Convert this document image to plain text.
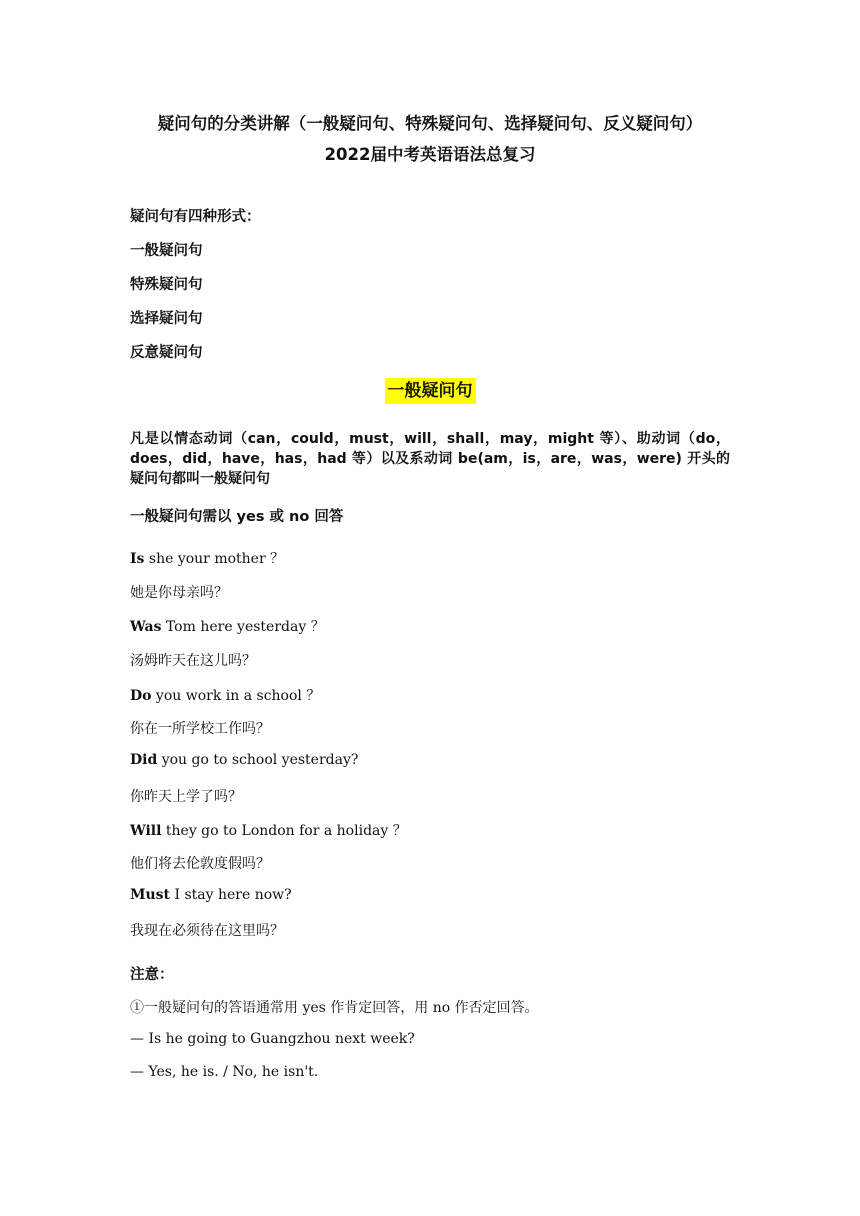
疑问句的分类讲解（一般疑问句、特殊疑问句、选择疑问句、反义疑问句）
2022届中考英语语法总复习
疑问句有四种形式：
一般疑问句
特殊疑问句
选择疑问句
反意疑问句
一般疑问句
凡是以情态动词（can，could，must，will，shall，may，might 等）、助动词（do，does，did，have，has，had 等）以及系动词 be(am，is，are，was，were) 开头的疑问句都叫一般疑问句
一般疑问句需以 yes 或 no 回答
Is she your mother ？
她是你母亲吗？
Was Tom here yesterday ？
汤姆昨天在这儿吗？
Do you work in a school ？
你在一所学校工作吗？
Did you go to school yesterday?
你昨天上学了吗？
Will they go to London for a holiday ？
他们将去伦敦度假吗？
Must I stay here now?
我现在必须待在这里吗？
注意：
①一般疑问句的答语通常用 yes 作肯定回答，用 no 作否定回答。
— Is he going to Guangzhou next week?
— Yes, he is. / No, he isn't.
